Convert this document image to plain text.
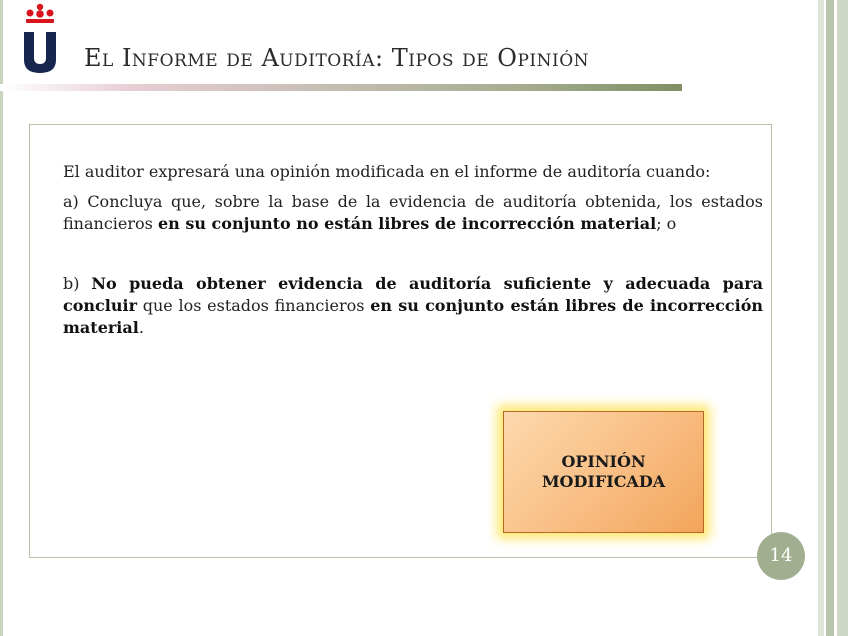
El Informe de Auditoría: Tipos de Opinión

El auditor expresará una opinión modificada en el informe de auditoría cuando:

a) Concluya que, sobre la base de la evidencia de auditoría obtenida, los estados financieros en su conjunto no están libres de incorrección material; o

b) No pueda obtener evidencia de auditoría suficiente y adecuada para concluir que los estados financieros en su conjunto están libres de incorrección material.

OPINIÓN MODIFICADA
14
